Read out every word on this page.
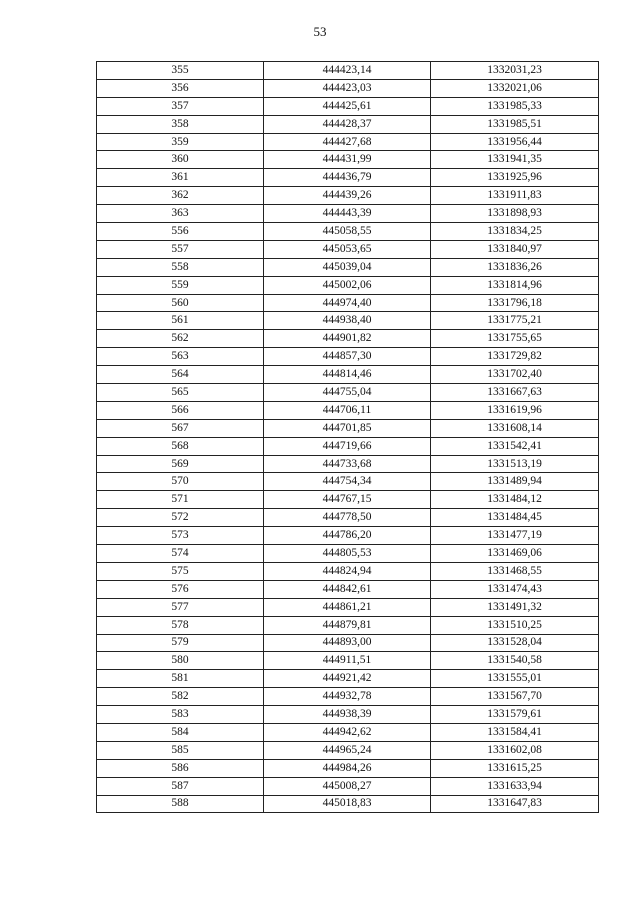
53
355	444423,14	1332031,23
356	444423,03	1332021,06
357	444425,61	1331985,33
358	444428,37	1331985,51
359	444427,68	1331956,44
360	444431,99	1331941,35
361	444436,79	1331925,96
362	444439,26	1331911,83
363	444443,39	1331898,93
556	445058,55	1331834,25
557	445053,65	1331840,97
558	445039,04	1331836,26
559	445002,06	1331814,96
560	444974,40	1331796,18
561	444938,40	1331775,21
562	444901,82	1331755,65
563	444857,30	1331729,82
564	444814,46	1331702,40
565	444755,04	1331667,63
566	444706,11	1331619,96
567	444701,85	1331608,14
568	444719,66	1331542,41
569	444733,68	1331513,19
570	444754,34	1331489,94
571	444767,15	1331484,12
572	444778,50	1331484,45
573	444786,20	1331477,19
574	444805,53	1331469,06
575	444824,94	1331468,55
576	444842,61	1331474,43
577	444861,21	1331491,32
578	444879,81	1331510,25
579	444893,00	1331528,04
580	444911,51	1331540,58
581	444921,42	1331555,01
582	444932,78	1331567,70
583	444938,39	1331579,61
584	444942,62	1331584,41
585	444965,24	1331602,08
586	444984,26	1331615,25
587	445008,27	1331633,94
588	445018,83	1331647,83
